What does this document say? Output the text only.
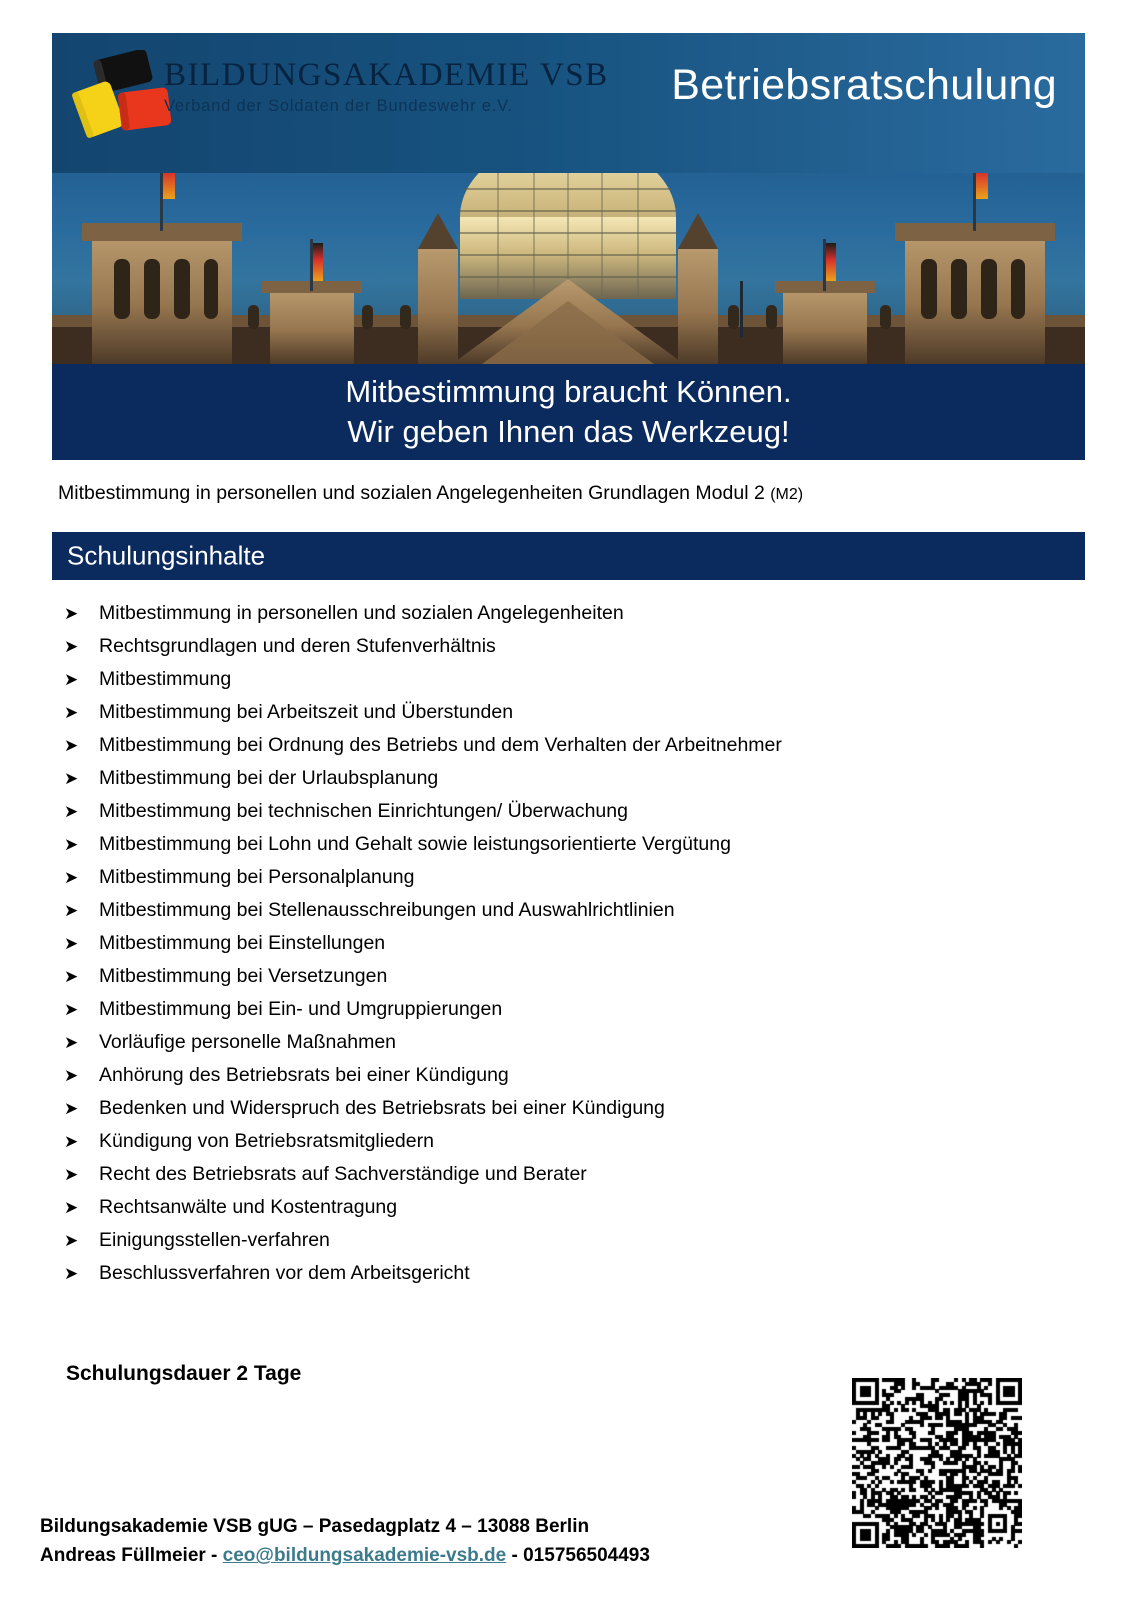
BILDUNGSAKADEMIE VSB
Verband der Soldaten der Bundeswehr e.V.	Betriebsratschulung
Mitbestimmung braucht Können.
Wir geben Ihnen das Werkzeug!
Mitbestimmung in personellen und sozialen Angelegenheiten Grundlagen Modul 2 (M2)
Schulungsinhalte
➤	Mitbestimmung in personellen und sozialen Angelegenheiten
➤	Rechtsgrundlagen und deren Stufenverhältnis
➤	Mitbestimmung
➤	Mitbestimmung bei Arbeitszeit und Überstunden
➤	Mitbestimmung bei Ordnung des Betriebs und dem Verhalten der Arbeitnehmer
➤	Mitbestimmung bei der Urlaubsplanung
➤	Mitbestimmung bei technischen Einrichtungen/ Überwachung
➤	Mitbestimmung bei Lohn und Gehalt sowie leistungsorientierte Vergütung
➤	Mitbestimmung bei Personalplanung
➤	Mitbestimmung bei Stellenausschreibungen und Auswahlrichtlinien
➤	Mitbestimmung bei Einstellungen
➤	Mitbestimmung bei Versetzungen
➤	Mitbestimmung bei Ein- und Umgruppierungen
➤	Vorläufige personelle Maßnahmen
➤	Anhörung des Betriebsrats bei einer Kündigung
➤	Bedenken und Widerspruch des Betriebsrats bei einer Kündigung
➤	Kündigung von Betriebsratsmitgliedern
➤	Recht des Betriebsrats auf Sachverständige und Berater
➤	Rechtsanwälte und Kostentragung
➤	Einigungsstellen-verfahren
➤	Beschlussverfahren vor dem Arbeitsgericht
Schulungsdauer 2 Tage
Bildungsakademie VSB gUG – Pasedagplatz 4 – 13088 Berlin
Andreas Füllmeier - ceo@bildungsakademie-vsb.de - 015756504493
